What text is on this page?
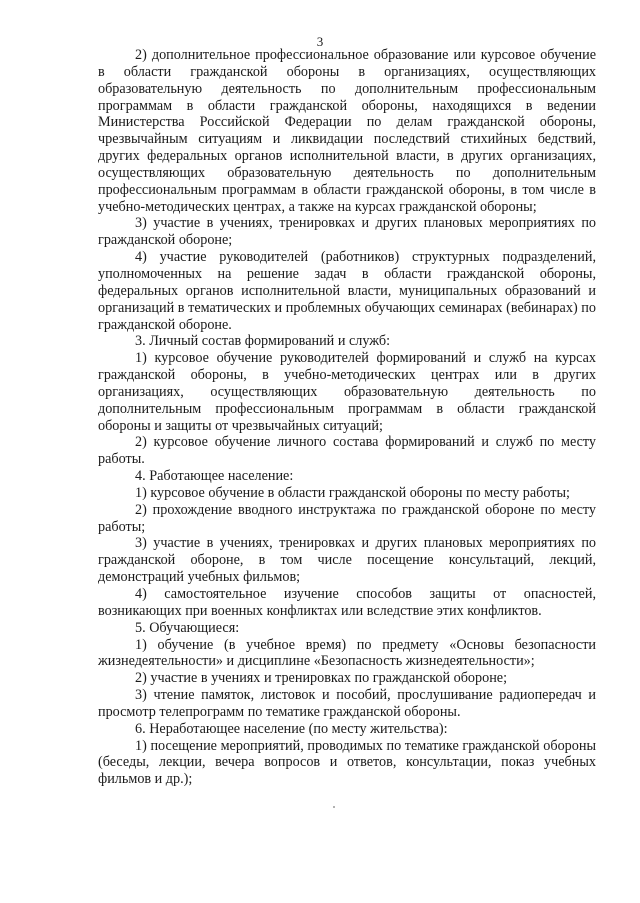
3

2) дополнительное профессиональное образование или курсовое обучение в области гражданской обороны в организациях, осуществляющих образовательную деятельность по дополнительным профессиональным программам в области гражданской обороны, находящихся в ведении Министерства Российской Федерации по делам гражданской обороны, чрезвычайным ситуациям и ликвидации последствий стихийных бедствий, других федеральных органов исполнительной власти, в других организациях, осуществляющих образовательную деятельность по дополнительным профессиональным программам в области гражданской обороны, в том числе в учебно-методических центрах, а также на курсах гражданской обороны;

3) участие в учениях, тренировках и других плановых мероприятиях по гражданской обороне;

4) участие руководителей (работников) структурных подразделений, уполномоченных на решение задач в области гражданской обороны, федеральных органов исполнительной власти, муниципальных образований и организаций в тематических и проблемных обучающих семинарах (вебинарах) по гражданской обороне.

3. Личный состав формирований и служб:

1) курсовое обучение руководителей формирований и служб на курсах гражданской обороны, в учебно-методических центрах или в других организациях, осуществляющих образовательную деятельность по дополнительным профессиональным программам в области гражданской обороны и защиты от чрезвычайных ситуаций;

2) курсовое обучение личного состава формирований и служб по месту работы.

4. Работающее население:

1) курсовое обучение в области гражданской обороны по месту работы;

2) прохождение вводного инструктажа по гражданской обороне по месту работы;

3) участие в учениях, тренировках и других плановых мероприятиях по гражданской обороне, в том числе посещение консультаций, лекций, демонстраций учебных фильмов;

4) самостоятельное изучение способов защиты от опасностей, возникающих при военных конфликтах или вследствие этих конфликтов.

5. Обучающиеся:

1) обучение (в учебное время) по предмету «Основы безопасности жизнедеятельности» и дисциплине «Безопасность жизнедеятельности»;

2) участие в учениях и тренировках по гражданской обороне;

3) чтение памяток, листовок и пособий, прослушивание радиопередач и просмотр телепрограмм по тематике гражданской обороны.

6. Неработающее население (по месту жительства):

1) посещение мероприятий, проводимых по тематике гражданской обороны (беседы, лекции, вечера вопросов и ответов, консультации, показ учебных фильмов и др.);
